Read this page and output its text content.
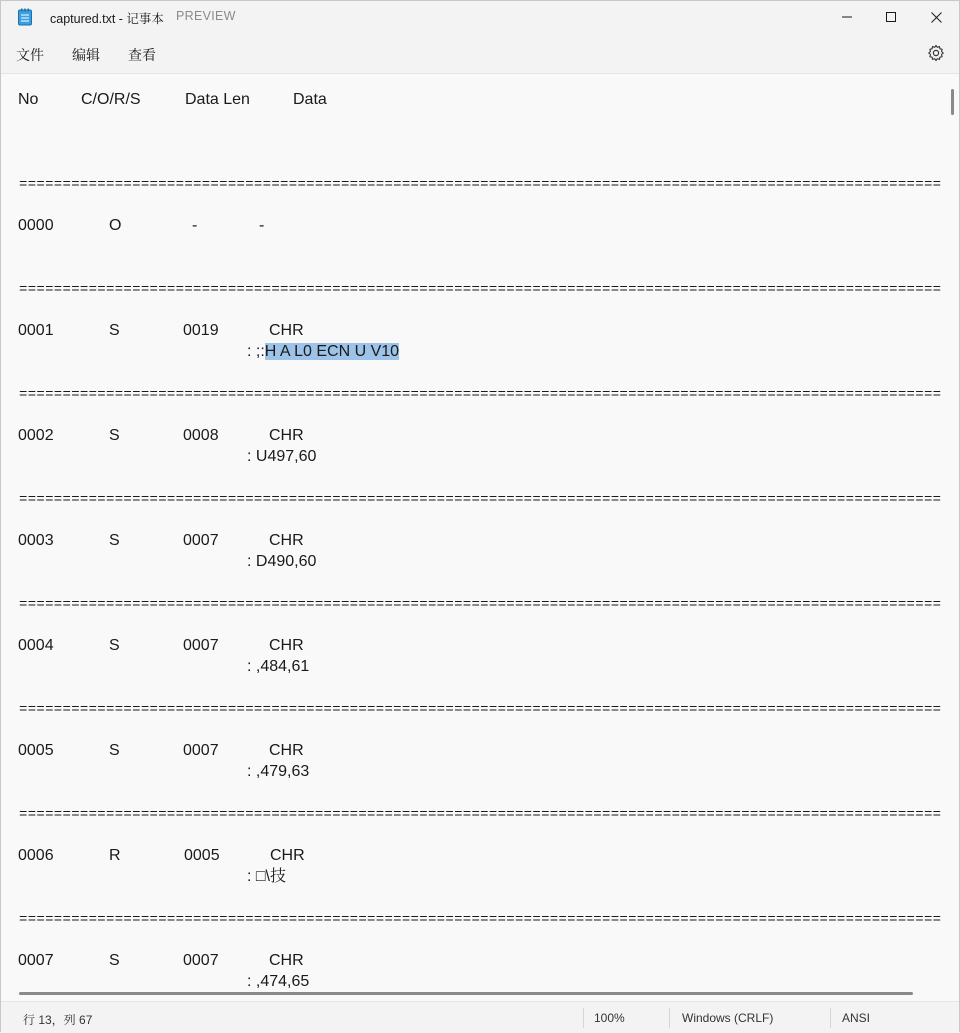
captured.txt - 记事本 PREVIEW
文件 编辑 查看
No	C/O/R/S	Data Len	Data
==========================================================================================================
0000	O	-	-
==========================================================================================================
0001	S	0019	CHR
: ;:H A L0 ECN U V10
==========================================================================================================
0002	S	0008	CHR
: U497,60
==========================================================================================================
0003	S	0007	CHR
: D490,60
==========================================================================================================
0004	S	0007	CHR
: ,484,61
==========================================================================================================
0005	S	0007	CHR
: ,479,63
==========================================================================================================
0006	R	0005	CHR
: □\技
==========================================================================================================
0007	S	0007	CHR
: ,474,65
行 13，列 67	100%	Windows (CRLF)	ANSI
